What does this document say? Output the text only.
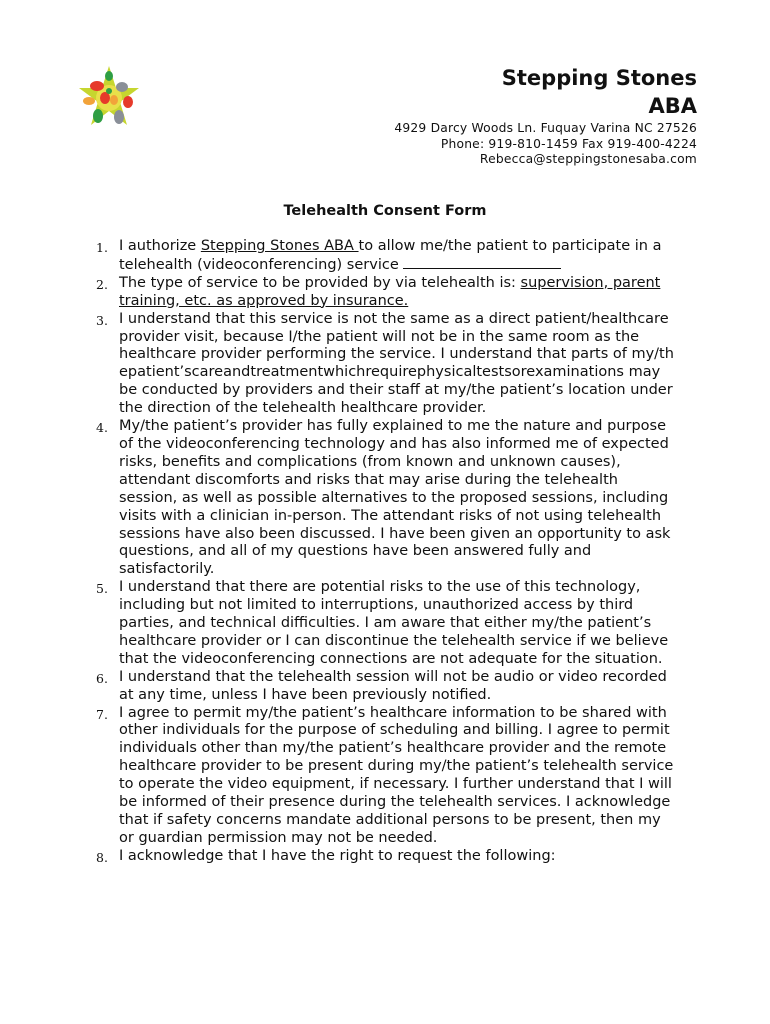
Stepping Stones
ABA
4929 Darcy Woods Ln. Fuquay Varina NC 27526
Phone: 919-810-1459 Fax 919-400-4224
Rebecca@steppingstonesaba.com
Telehealth Consent Form
1. I authorize Stepping Stones ABA to allow me/the patient to participate in a telehealth (videoconferencing) service
2. The type of service to be provided by via telehealth is: supervision, parent training, etc. as approved by insurance.
3. I understand that this service is not the same as a direct patient/healthcare provider visit, because I/the patient will not be in the same room as the healthcare provider performing the service. I understand that parts of my/thepatient’scareandtreatmentwhichrequirephysicaltestsorexaminations may be conducted by providers and their staff at my/the patient’s location under the direction of the telehealth healthcare provider.
4. My/the patient’s provider has fully explained to me the nature and purpose of the videoconferencing technology and has also informed me of expected risks, benefits and complications (from known and unknown causes), attendant discomforts and risks that may arise during the telehealth session, as well as possible alternatives to the proposed sessions, including visits with a clinician in-person. The attendant risks of not using telehealth sessions have also been discussed. I have been given an opportunity to ask questions, and all of my questions have been answered fully and satisfactorily.
5. I understand that there are potential risks to the use of this technology, including but not limited to interruptions, unauthorized access by third parties, and technical difficulties. I am aware that either my/the patient’s healthcare provider or I can discontinue the telehealth service if we believe that the videoconferencing connections are not adequate for the situation.
6. I understand that the telehealth session will not be audio or video recorded at any time, unless I have been previously notified.
7. I agree to permit my/the patient’s healthcare information to be shared with other individuals for the purpose of scheduling and billing. I agree to permit individuals other than my/the patient’s healthcare provider and the remote healthcare provider to be present during my/the patient’s telehealth service to operate the video equipment, if necessary. I further understand that I will be informed of their presence during the telehealth services. I acknowledge that if safety concerns mandate additional persons to be present, then my or guardian permission may not be needed.
8. I acknowledge that I have the right to request the following:
